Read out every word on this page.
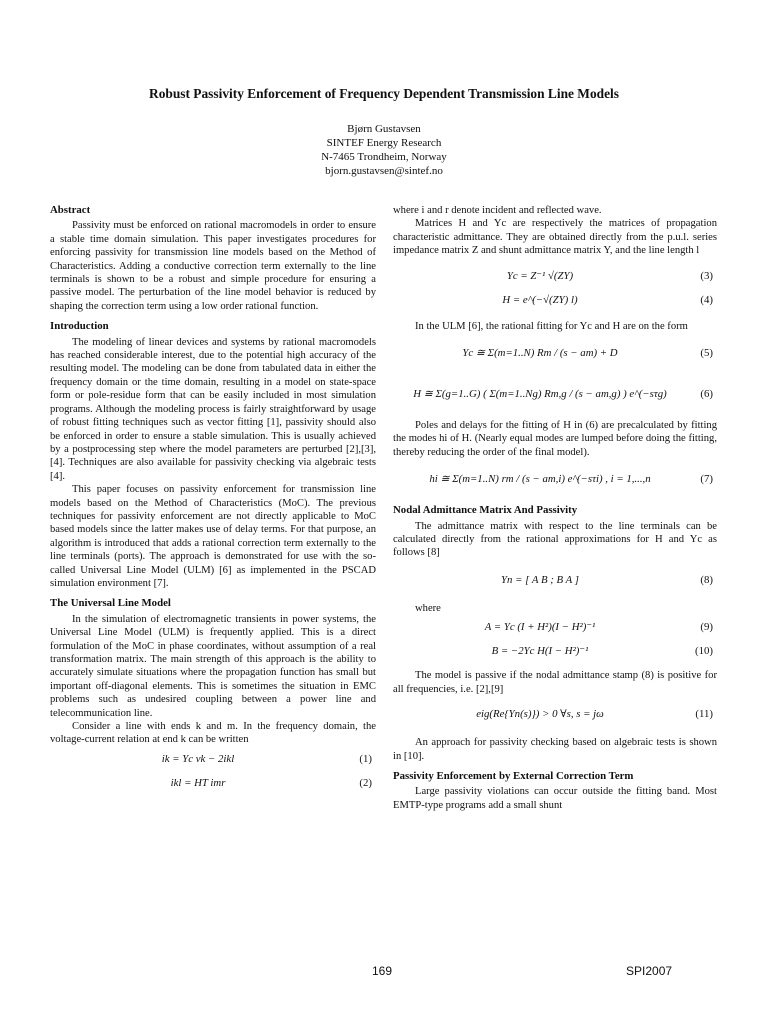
Robust Passivity Enforcement of Frequency Dependent Transmission Line Models
Bjørn Gustavsen
SINTEF Energy Research
N-7465 Trondheim, Norway
bjorn.gustavsen@sintef.no
Abstract

Passivity must be enforced on rational macromodels in order to ensure a stable time domain simulation. This paper investigates procedures for enforcing passivity for transmission line models based on the Method of Characteristics. Adding a conductive correction term externally to the line terminals is shown to be a robust and simple procedure for ensuring a passive model. The perturbation of the line model behavior is reduced by shaping the correction term using a low order rational function.

Introduction

The modeling of linear devices and systems by rational macromodels has reached considerable interest, due to the potential high accuracy of the resulting model. The modeling can be done from tabulated data in either the frequency domain or the time domain, resulting in a model on state-space form or pole-residue form that can be easily included in most simulation programs. Although the modeling process is fairly straightforward by usage of robust fitting techniques such as vector fitting [1], passivity should also be enforced in order to ensure a stable simulation. This is usually achieved by a postprocessing step where the model parameters are perturbed [2],[3],[4]. Techniques are also available for passivity checking via algebraic tests [4].

This paper focuses on passivity enforcement for transmission line models based on the Method of Characteristics (MoC). The previous techniques for passivity enforcement are not directly applicable to MoC based models since the latter makes use of delay terms. For that purpose, an algorithm is introduced that adds a rational correction term externally to the line terminals (ports). The approach is demonstrated for use with the so-called Universal Line Model (ULM) [6] as implemented in the PSCAD simulation environment [7].

The Universal Line Model

In the simulation of electromagnetic transients in power systems, the Universal Line Model (ULM) is frequently applied. This is a direct formulation of the MoC in phase coordinates, without assumption of a real transformation matrix. The main strength of this approach is the ability to accurately simulate situations where the propagation function has small but important off-diagonal elements. This is sometimes the situation in EMC problems such as undesired coupling between a power line and telecommunication line.

Consider a line with ends k and m. In the frequency domain, the voltage-current relation at end k can be written

ik = Yc vk − 2ikl	(1)
ikl = HT imr	(2)

where i and r denote incident and reflected wave.

Matrices H and Yc are respectively the matrices of propagation characteristic admittance. They are obtained directly from the p.u.l. series impedance matrix Z and shunt admittance matrix Y, and the line length l

Yc = Z⁻¹ √(ZY)	(3)
H = e^(−√(ZY) l)	(4)

In the ULM [6], the rational fitting for Yc and H are on the form

Yc ≅ Σ(m=1..N) Rm / (s − am) + D	(5)
H ≅ Σ(g=1..G) ( Σ(m=1..Ng) Rm,g / (s − am,g) ) e^(−sτg)	(6)

Poles and delays for the fitting of H in (6) are precalculated by fitting the modes hi of H. (Nearly equal modes are lumped before doing the fitting, thereby reducing the order of the final model).

hi ≅ Σ(m=1..N) rm / (s − am,i) e^(−sτi) , i = 1,...,n	(7)
Nodal Admittance Matrix And Passivity

The admittance matrix with respect to the line terminals can be calculated directly from the rational approximations for H and Yc as follows [8]

Yn = [ A B ; B A ]	(8)

where

A = Yc (I + H²)(I − H²)⁻¹	(9)
B = −2Yc H(I − H²)⁻¹	(10)

The model is passive if the nodal admittance stamp (8) is positive for all frequencies, i.e. [2],[9]

eig(Re{Yn(s)}) > 0 ∀s, s = jω	(11)

An approach for passivity checking based on algebraic tests is shown in [10].

Passivity Enforcement by External Correction Term

Large passivity violations can occur outside the fitting band. Most EMTP-type programs add a small shunt

169	SPI2007
